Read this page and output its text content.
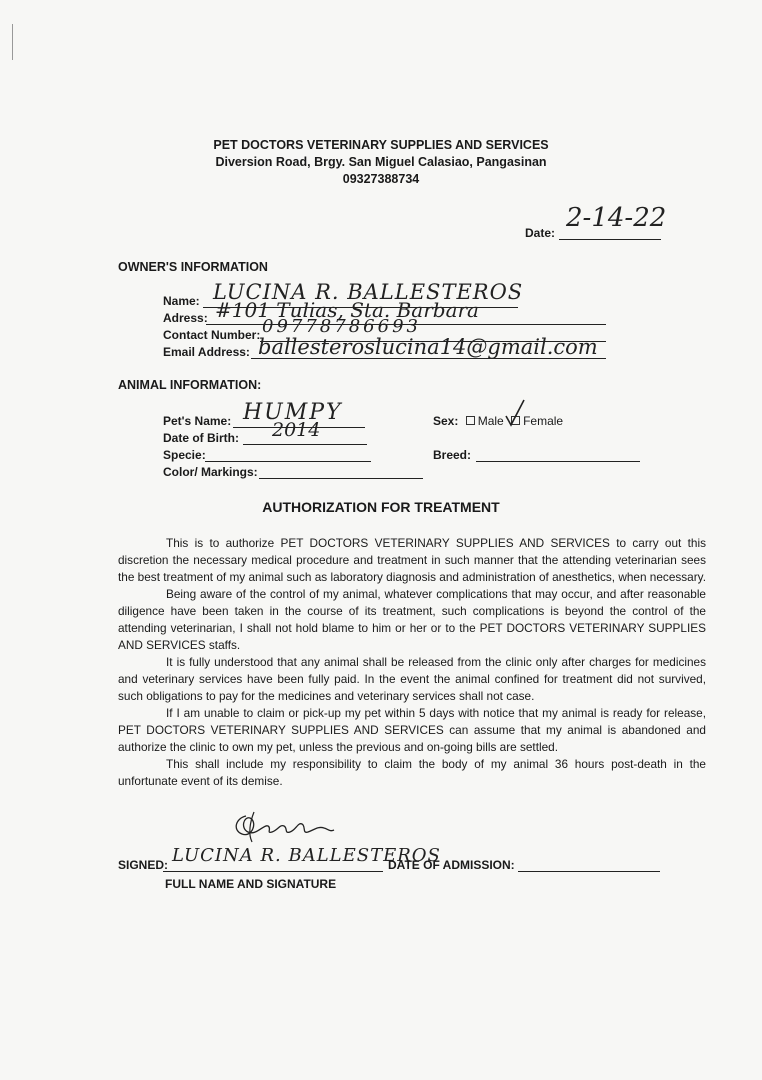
PET DOCTORS VETERINARY SUPPLIES AND SERVICES
Diversion Road, Brgy. San Miguel Calasiao, Pangasinan
09327388734
Date: 2-14-22
OWNER'S INFORMATION
Name: LUCINA R. BALLESTEROS
Adress: #101 Tulias, Sta. Barbara
Contact Number: 09778786693
Email Address: ballesteroslucina14@gmail.com
ANIMAL INFORMATION:
Pet's Name: HUMPY
Date of Birth: 2014
Specie:
Color/ Markings:
Sex: Male Female
Breed:
AUTHORIZATION FOR TREATMENT

This is to authorize PET DOCTORS VETERINARY SUPPLIES AND SERVICES to carry out this discretion the necessary medical procedure and treatment in such manner that the attending veterinarian sees the best treatment of my animal such as laboratory diagnosis and administration of anesthetics, when necessary.

Being aware of the control of my animal, whatever complications that may occur, and after reasonable diligence have been taken in the course of its treatment, such complications is beyond the control of the attending veterinarian, I shall not hold blame to him or her or to the PET DOCTORS VETERINARY SUPPLIES AND SERVICES staffs.

It is fully understood that any animal shall be released from the clinic only after charges for medicines and veterinary services have been fully paid. In the event the animal confined for treatment did not survived, such obligations to pay for the medicines and veterinary services shall not case.

If I am unable to claim or pick-up my pet within 5 days with notice that my animal is ready for release, PET DOCTORS VETERINARY SUPPLIES AND SERVICES can assume that my animal is abandoned and authorize the clinic to own my pet, unless the previous and on-going bills are settled.

This shall include my responsibility to claim the body of my animal 36 hours post-death in the unfortunate event of its demise.

SIGNED: LUCINA R. BALLESTEROS
FULL NAME AND SIGNATURE
DATE OF ADMISSION:
